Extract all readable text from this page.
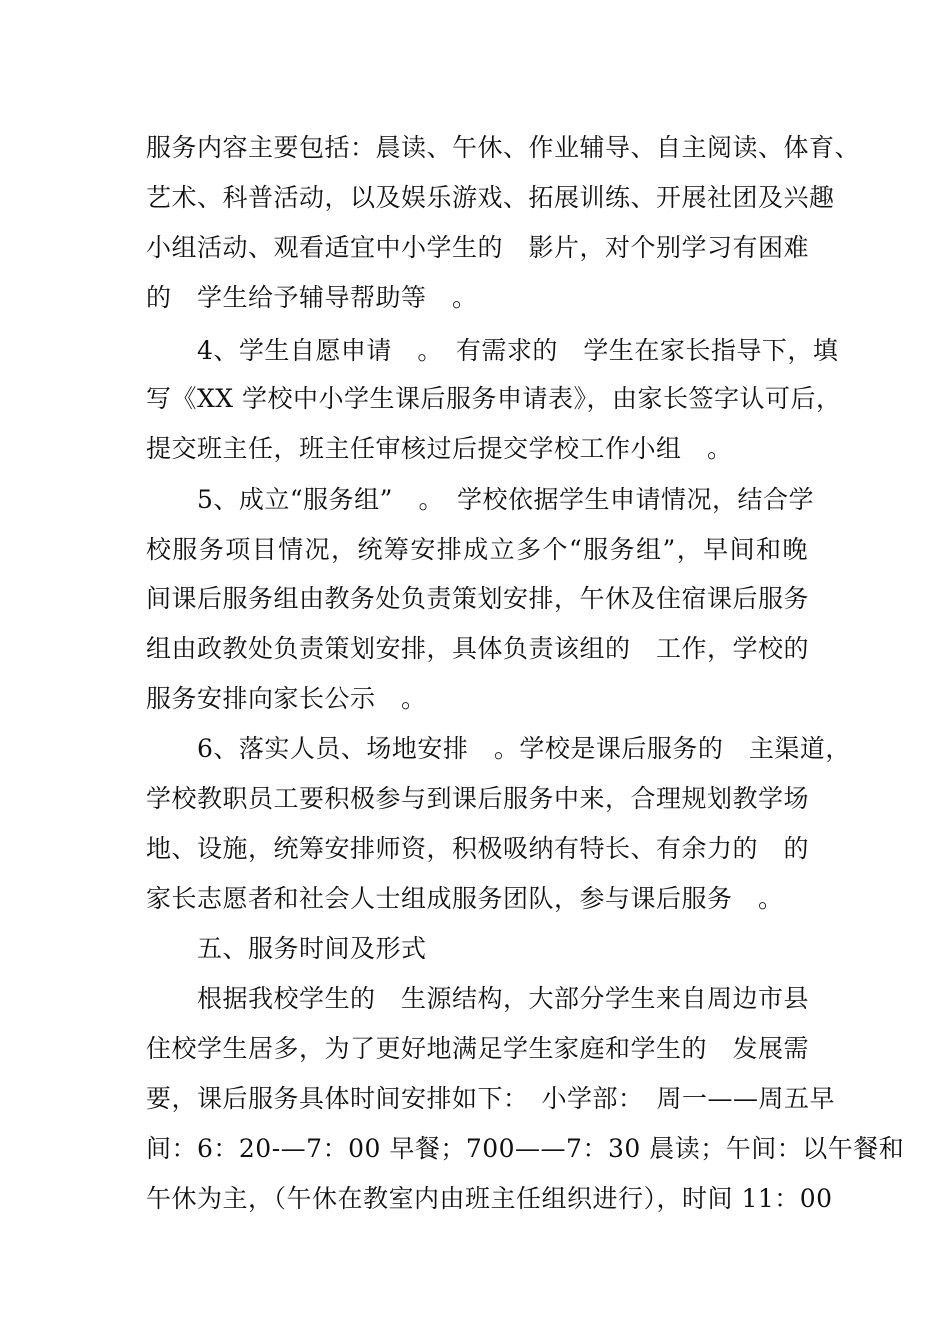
服务内容主要包括：晨读、午休、作业辅导、自主阅读、体育、
艺术、科普活动，以及娱乐游戏、拓展训练、开展社团及兴趣
小组活动、观看适宜中小学生的　影片，对个别学习有困难
的　学生给予辅导帮助等　。
　　4、学生自愿申请　。　有需求的　学生在家长指导下，填
写《XX 学校中小学生课后服务申请表》，由家长签字认可后，
提交班主任，班主任审核过后提交学校工作小组　。
　　5、成立“服务组”　。　学校依据学生申请情况，结合学
校服务项目情况，统筹安排成立多个“服务组”，早间和晚
间课后服务组由教务处负责策划安排，午休及住宿课后服务
组由政教处负责策划安排，具体负责该组的　工作，学校的
服务安排向家长公示　。
　　6、落实人员、场地安排　。学校是课后服务的　主渠道，
学校教职员工要积极参与到课后服务中来，合理规划教学场
地、设施，统筹安排师资，积极吸纳有特长、有余力的　的
家长志愿者和社会人士组成服务团队，参与课后服务　。
　　五、服务时间及形式
　　根据我校学生的　生源结构，大部分学生来自周边市县
住校学生居多，为了更好地满足学生家庭和学生的　发展需
要，课后服务具体时间安排如下：　小学部：　周一——周五早
间：6：20-—7：00 早餐；700——7：30 晨读；午间：以午餐和
午休为主，（午休在教室内由班主任组织进行），时间 11：00
